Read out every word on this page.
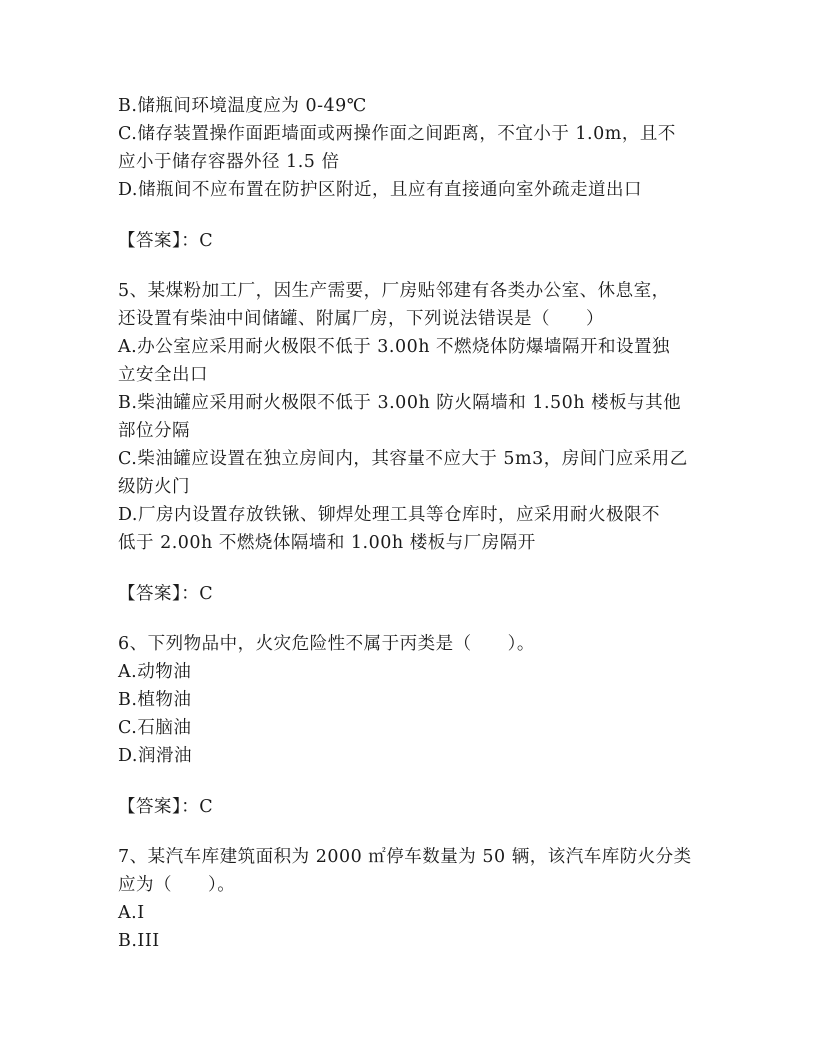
B.储瓶间环境温度应为 0-49℃
C.储存装置操作面距墙面或两操作面之间距离，不宜小于 1.0m，且不
应小于储存容器外径 1.5 倍
D.储瓶间不应布置在防护区附近，且应有直接通向室外疏走道出口
【答案】：C
5、某煤粉加工厂，因生产需要，厂房贴邻建有各类办公室、休息室，
还设置有柴油中间储罐、附属厂房，下列说法错误是（　　）
A.办公室应采用耐火极限不低于 3.00h 不燃烧体防爆墙隔开和设置独
立安全出口
B.柴油罐应采用耐火极限不低于 3.00h 防火隔墙和 1.50h 楼板与其他
部位分隔
C.柴油罐应设置在独立房间内，其容量不应大于 5m3，房间门应采用乙
级防火门
D.厂房内设置存放铁锹、铆焊处理工具等仓库时，应采用耐火极限不
低于 2.00h 不燃烧体隔墙和 1.00h 楼板与厂房隔开
【答案】：C
6、下列物品中，火灾危险性不属于丙类是（　　）。
A.动物油
B.植物油
C.石脑油
D.润滑油
【答案】：C
7、某汽车库建筑面积为 2000 ㎡停车数量为 50 辆，该汽车库防火分类
应为（　　）。
A.I
B.III
